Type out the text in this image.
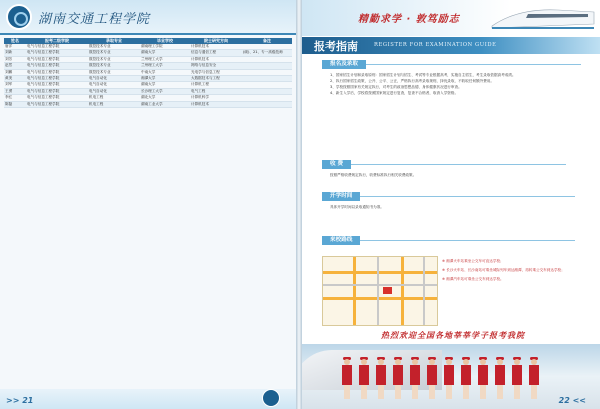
湖南交通工程学院
姓名	报考二级学院	录取专业	毕业学校	院士研究方向	备注
唐洋	电气与信息工程学院	数控技术专业	湖南理工学院	计算机技术	
刘新	电气与信息工程学院	数控技术专业	湖南大学	信息与通信工程	(硕)、21、专一高级技师
刘芳	电气与信息工程学院	数控技术专业	兰州理工大学	计算机技术	
赵然	电气与信息工程学院	数控技术专业	兰州理工大学	网络与信息安全	
刘鹏	电气与信息工程学院	数控技术专业	中南大学	光电学与信息工程	
黄美	电气与信息工程学院	电气自动化	湘潭大学	大数据技术与工程	
刘军	电气与信息工程学院	电气自动化	湖南大学	计算机工程	
王勇	电气与信息工程学院	电气自动化	长沙理工大学	电气工程	
李红	电气与信息工程学院	机电工程	湖北大学	计算机科学	
陈磊	电气与信息工程学院	机电工程	湖南工业大学	计算机技术	
>> 21
精勤求学 · 敦笃励志
报考指南	REGISTER FOR EXAMINATION GUIDE
报名及录取

1、国家招生计划和录取原则：国家招生计划与招生、考试等专业根据高考，实施自主招生，考生录取依据高考成绩。

2、执行国家招生政策，公开、公平、公正，严格执行高考录取规则，择优录取，不收取任何额外费用。

3、学校按照国家有关规定执行，对考生的政治思想品德、身体健康状况进行审查。

4、新生入学后，学校将按照国家规定进行复查，复查不合格者，取消入学资格。

收 费

按照严格收费规定执行，收费标准执行相关收费政策。

开学时间

具体开学时间以录取通知书为准。

来校路线

※ 湘潭火车站乘坐公交车可直达学校；

※ 长沙火车站、长沙南站可乘坐城际列车到达湘潭，再转乘公交车到达学校；

※ 湘潭汽车站可乘坐公交车到达学校。

热烈欢迎全国各地莘莘学子报考我院
22 <<
